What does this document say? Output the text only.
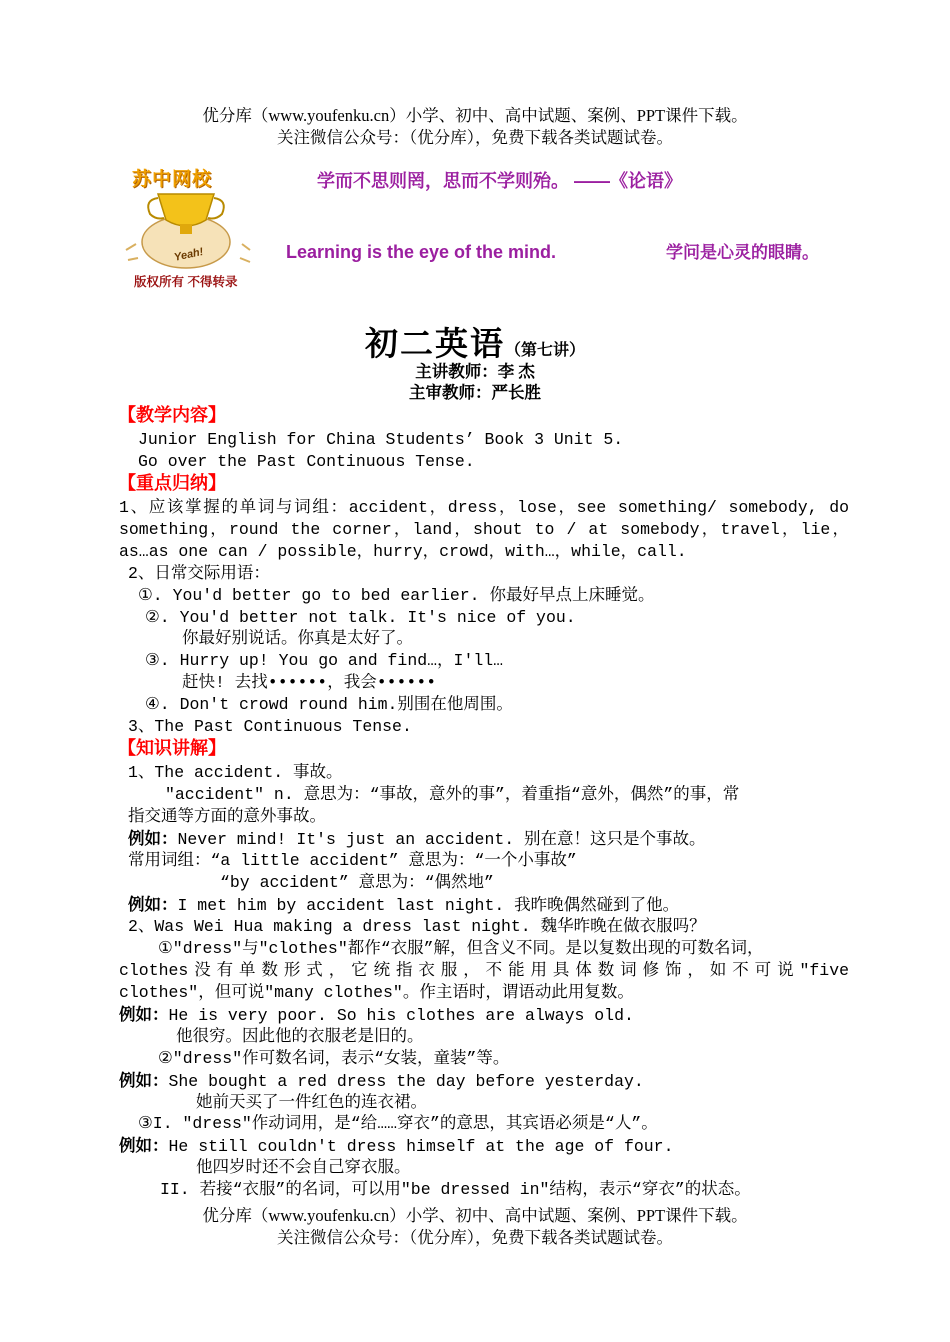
优分库（www.youfenku.cn）小学、初中、高中试题、案例、PPT课件下载。
关注微信公众号：（优分库），免费下载各类试题试卷。
苏中网校
Yeah!
版权所有 不得转录
学而不思则罔，思而不学则殆。 ——《论语》
Learning is the eye of the mind.	学问是心灵的眼睛。
初二英语（第七讲）
主讲教师：李 杰
主审教师：严长胜
【教学内容】
Junior English for China Students’ Book 3 Unit 5.
Go over the Past Continuous Tense.
【重点归纳】
1、应该掌握的单词与词组：accident，dress，lose，see something/ somebody, do
something，round the corner，land，shout to / at somebody，travel，lie，
as…as one can / possible，hurry，crowd，with…，while，call.
2、日常交际用语：
①. You'd better go to bed earlier. 你最好早点上床睡觉。
②. You'd better not talk. It's nice of you.
你最好别说话。你真是太好了。
③. Hurry up! You go and find…，I'll…
赶快! 去找••••••，我会••••••
④. Don't crowd round him.别围在他周围。
3、The Past Continuous Tense.
【知识讲解】
1、The accident. 事故。
"accident" n. 意思为：“事故，意外的事”，着重指“意外，偶然”的事，常
指交通等方面的意外事故。
例如：Never mind! It's just an accident. 别在意！这只是个事故。
常用词组：“a little accident” 意思为：“一个小事故”
“by accident” 意思为：“偶然地”
例如：I met him by accident last night. 我昨晚偶然碰到了他。
2、Was Wei Hua making a dress last night. 魏华昨晚在做衣服吗？
①"dress"与"clothes"都作“衣服”解，但含义不同。是以复数出现的可数名词，
clothes没有单数形式，它统指衣服，不能用具体数词修饰，如不可说"five
clothes"，但可说"many clothes"。作主语时，谓语动此用复数。
例如：He is very poor. So his clothes are always old.
他很穷。因此他的衣服老是旧的。
②"dress"作可数名词，表示“女装，童装”等。
例如：She bought a red dress the day before yesterday.
她前天买了一件红色的连衣裙。
③I. "dress"作动词用，是“给……穿衣”的意思，其宾语必须是“人”。
例如：He still couldn't dress himself at the age of four.
他四岁时还不会自己穿衣服。
II. 若接“衣服”的名词，可以用"be dressed in"结构，表示“穿衣”的状态。
优分库（www.youfenku.cn）小学、初中、高中试题、案例、PPT课件下载。
关注微信公众号：（优分库），免费下载各类试题试卷。
